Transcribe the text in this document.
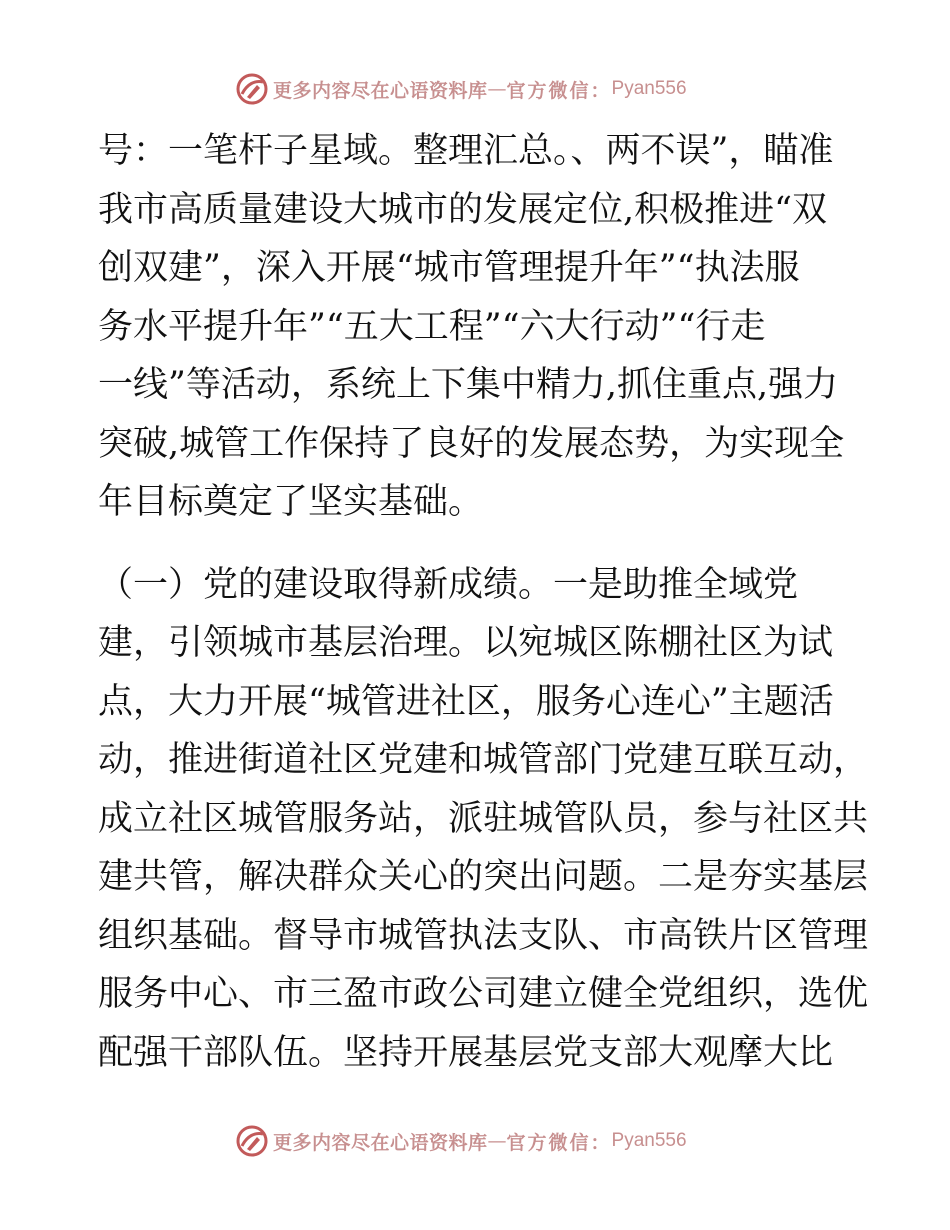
更多内容尽在心语资料库 — 官方微信： Pyan556

号：一笔杆子星域。整理汇总。、两不误”，瞄准
我市高质量建设大城市的发展定位,积极推进“双
创双建”，深入开展“城市管理提升年”“执法服
务水平提升年”“五大工程”“六大行动”“行走
一线”等活动，系统上下集中精力,抓住重点,强力
突破,城管工作保持了良好的发展态势，为实现全
年目标奠定了坚实基础。

（一）党的建设取得新成绩。一是助推全域党
建，引领城市基层治理。以宛城区陈棚社区为试
点，大力开展“城管进社区，服务心连心”主题活
动，推进街道社区党建和城管部门党建互联互动，
成立社区城管服务站，派驻城管队员，参与社区共
建共管，解决群众关心的突出问题。二是夯实基层
组织基础。督导市城管执法支队、市高铁片区管理
服务中心、市三盈市政公司建立健全党组织，选优
配强干部队伍。坚持开展基层党支部大观摩大比

更多内容尽在心语资料库 — 官方微信： Pyan556
